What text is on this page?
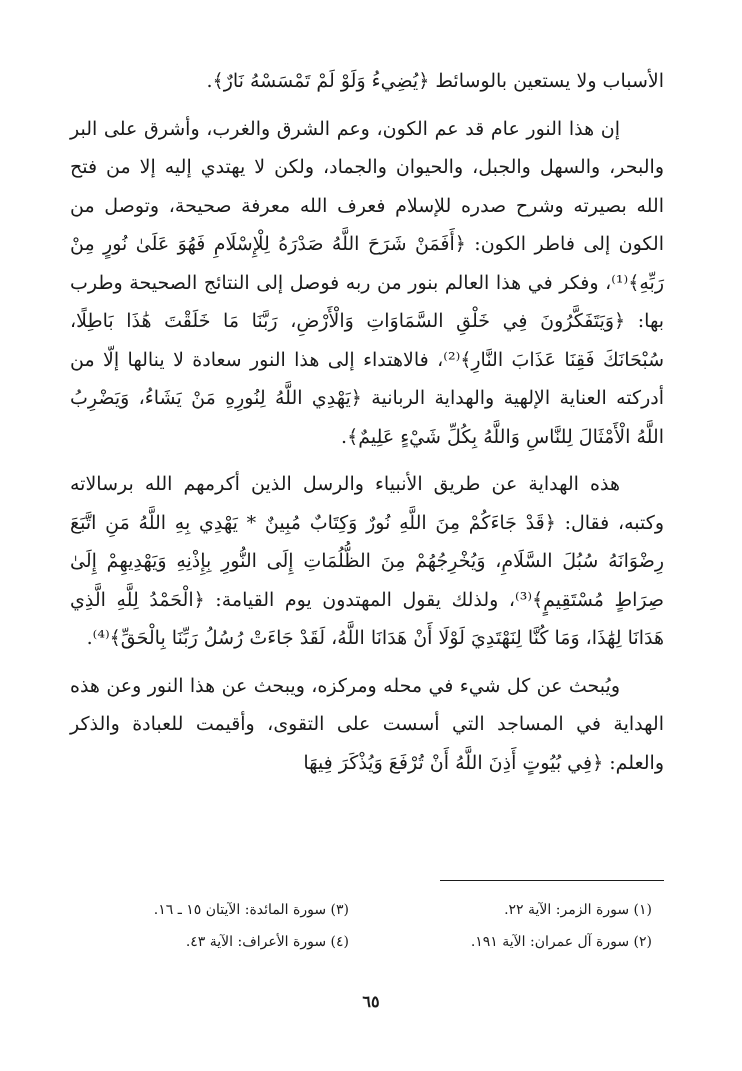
الأسباب ولا يستعين بالوسائط ﴿يُضِيءُ وَلَوْ لَمْ تَمْسَسْهُ نَارٌ﴾.

إن هذا النور عام قد عم الكون، وعم الشرق والغرب، وأشرق على البر والبحر، والسهل والجبل، والحيوان والجماد، ولكن لا يهتدي إليه إلا من فتح الله بصيرته وشرح صدره للإسلام فعرف الله معرفة صحيحة، وتوصل من الكون إلى فاطر الكون: ﴿أَفَمَنْ شَرَحَ اللَّهُ صَدْرَهُ لِلْإِسْلَامِ فَهُوَ عَلَىٰ نُورٍ مِنْ رَبِّهِ﴾⁽¹⁾، وفكر في هذا العالم بنور من ربه فوصل إلى النتائج الصحيحة وطرب بها: ﴿وَيَتَفَكَّرُونَ فِي خَلْقِ السَّمَاوَاتِ وَالْأَرْضِ، رَبَّنَا مَا خَلَقْتَ هَٰذَا بَاطِلًا، سُبْحَانَكَ فَقِنَا عَذَابَ النَّارِ﴾⁽²⁾، فالاهتداء إلى هذا النور سعادة لا ينالها إلّا من أدركته العناية الإلهية والهداية الربانية ﴿يَهْدِي اللَّهُ لِنُورِهِ مَنْ يَشَاءُ، وَيَضْرِبُ اللَّهُ الْأَمْثَالَ لِلنَّاسِ وَاللَّهُ بِكُلِّ شَيْءٍ عَلِيمٌ﴾.

هذه الهداية عن طريق الأنبياء والرسل الذين أكرمهم الله برسالاته وكتبه، فقال: ﴿قَدْ جَاءَكُمْ مِنَ اللَّهِ نُورٌ وَكِتَابٌ مُبِينٌ * يَهْدِي بِهِ اللَّهُ مَنِ اتَّبَعَ رِضْوَانَهُ سُبُلَ السَّلَامِ، وَيُخْرِجُهُمْ مِنَ الظُّلُمَاتِ إِلَى النُّورِ بِإِذْنِهِ وَيَهْدِيهِمْ إِلَىٰ صِرَاطٍ مُسْتَقِيمٍ﴾⁽³⁾، ولذلك يقول المهتدون يوم القيامة: ﴿الْحَمْدُ لِلَّهِ الَّذِي هَدَانَا لِهَٰذَا، وَمَا كُنَّا لِنَهْتَدِيَ لَوْلَا أَنْ هَدَانَا اللَّهُ، لَقَدْ جَاءَتْ رُسُلُ رَبِّنَا بِالْحَقِّ﴾⁽⁴⁾.

ويُبحث عن كل شيء في محله ومركزه، ويبحث عن هذا النور وعن هذه الهداية في المساجد التي أسست على التقوى، وأقيمت للعبادة والذكر والعلم: ﴿فِي بُيُوتٍ أَذِنَ اللَّهُ أَنْ تُرْفَعَ وَيُذْكَرَ فِيهَا

(١) سورة الزمر: الآية ٢٢.
(٣) سورة المائدة: الآيتان ١٥ ـ ١٦.
(٢) سورة آل عمران: الآية ١٩١.
(٤) سورة الأعراف: الآية ٤٣.
٦٥
